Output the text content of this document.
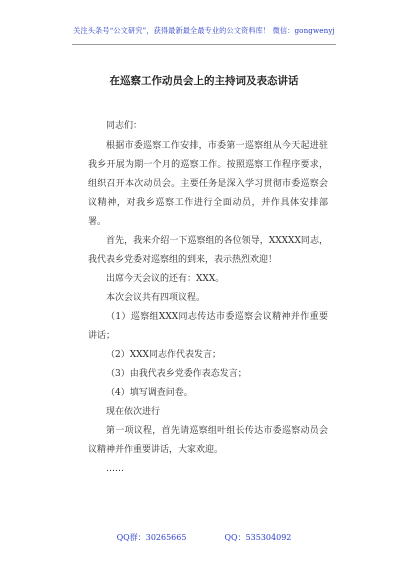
关注头条号“公文研究”，获得最新最全最专业的公文资料库！ 微信：gongwenyj
在巡察工作动员会上的主持词及表态讲话

同志们：

根据市委巡察工作安排，市委第一巡察组从今天起进驻我乡开展为期一个月的巡察工作。按照巡察工作程序要求，组织召开本次动员会。主要任务是深入学习贯彻市委巡察会议精神，对我乡巡察工作进行全面动员，并作具体安排部署。

首先，我来介绍一下巡察组的各位领导，XXXXX同志，我代表乡党委对巡察组的到来，表示热烈欢迎！

出席今天会议的还有：XXX。

本次会议共有四项议程。

（1）巡察组XXX同志传达市委巡察会议精神并作重要讲话；

（2）XXX同志作代表发言；

（3）由我代表乡党委作表态发言；

（4）填写调查问卷。

现在依次进行

第一项议程，首先请巡察组叶组长传达市委巡察动员会议精神并作重要讲话，大家欢迎。

……

QQ群：30265665	QQ：535304092
